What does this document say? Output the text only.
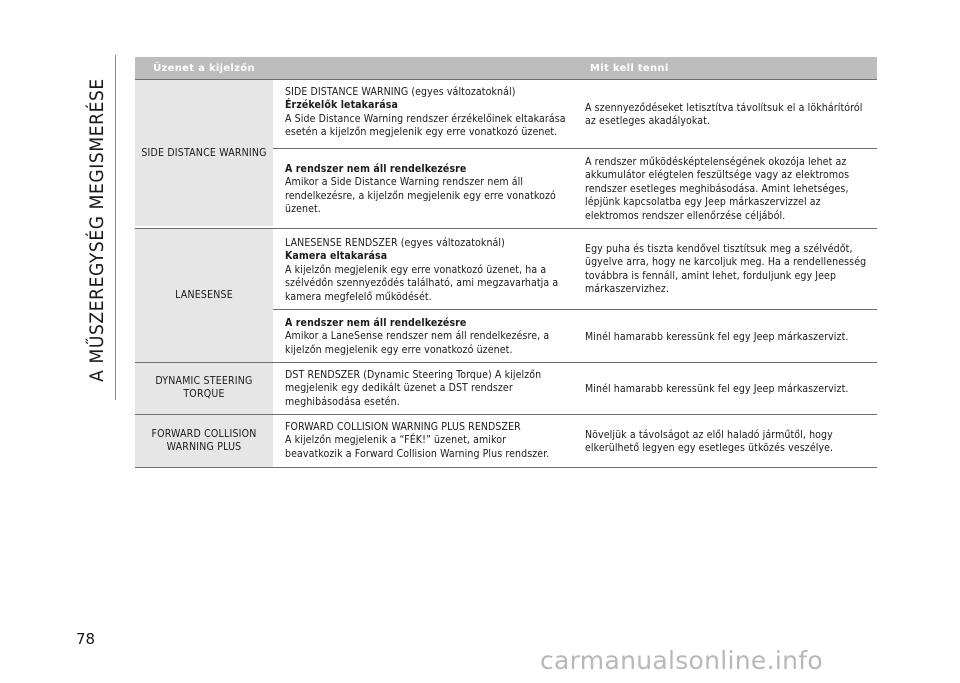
A MŰSZEREGYSÉG MEGISMERÉSE
Üzenet a kijelzőn	Mit kell tenni
SIDE DISTANCE WARNING
SIDE DISTANCE WARNING (egyes változatoknál)
Érzékelők letakarása
A Side Distance Warning rendszer érzékelőinek eltakarása
esetén a kijelzőn megjelenik egy erre vonatkozó üzenet.
A szennyeződéseket letisztítva távolítsuk el a lökhárítóról
az esetleges akadályokat.
A rendszer nem áll rendelkezésre
Amikor a Side Distance Warning rendszer nem áll
rendelkezésre, a kijelzőn megjelenik egy erre vonatkozó
üzenet.
A rendszer működésképtelenségének okozója lehet az
akkumulátor elégtelen feszültsége vagy az elektromos
rendszer esetleges meghibásodása. Amint lehetséges,
lépjünk kapcsolatba egy Jeep márkaszervizzel az
elektromos rendszer ellenőrzése céljából.
LANESENSE
LANESENSE RENDSZER (egyes változatoknál)
Kamera eltakarása
A kijelzőn megjelenik egy erre vonatkozó üzenet, ha a
szélvédőn szennyeződés található, ami megzavarhatja a
kamera megfelelő működését.
Egy puha és tiszta kendővel tisztítsuk meg a szélvédőt,
ügyelve arra, hogy ne karcoljuk meg. Ha a rendellenesség
továbbra is fennáll, amint lehet, forduljunk egy Jeep
márkaszervizhez.
A rendszer nem áll rendelkezésre
Amikor a LaneSense rendszer nem áll rendelkezésre, a
kijelzőn megjelenik egy erre vonatkozó üzenet.
Minél hamarabb keressünk fel egy Jeep márkaszervizt.
DYNAMIC STEERING
TORQUE
DST RENDSZER (Dynamic Steering Torque) A kijelzőn
megjelenik egy dedikált üzenet a DST rendszer
meghibásodása esetén.
Minél hamarabb keressünk fel egy Jeep márkaszervizt.
FORWARD COLLISION
WARNING PLUS
FORWARD COLLISION WARNING PLUS RENDSZER
A kijelzőn megjelenik a “FÉK!” üzenet, amikor
beavatkozik a Forward Collision Warning Plus rendszer.
Növeljük a távolságot az elől haladó járműtől, hogy
elkerülhető legyen egy esetleges ütközés veszélye.
78
carmanualsonline.info
